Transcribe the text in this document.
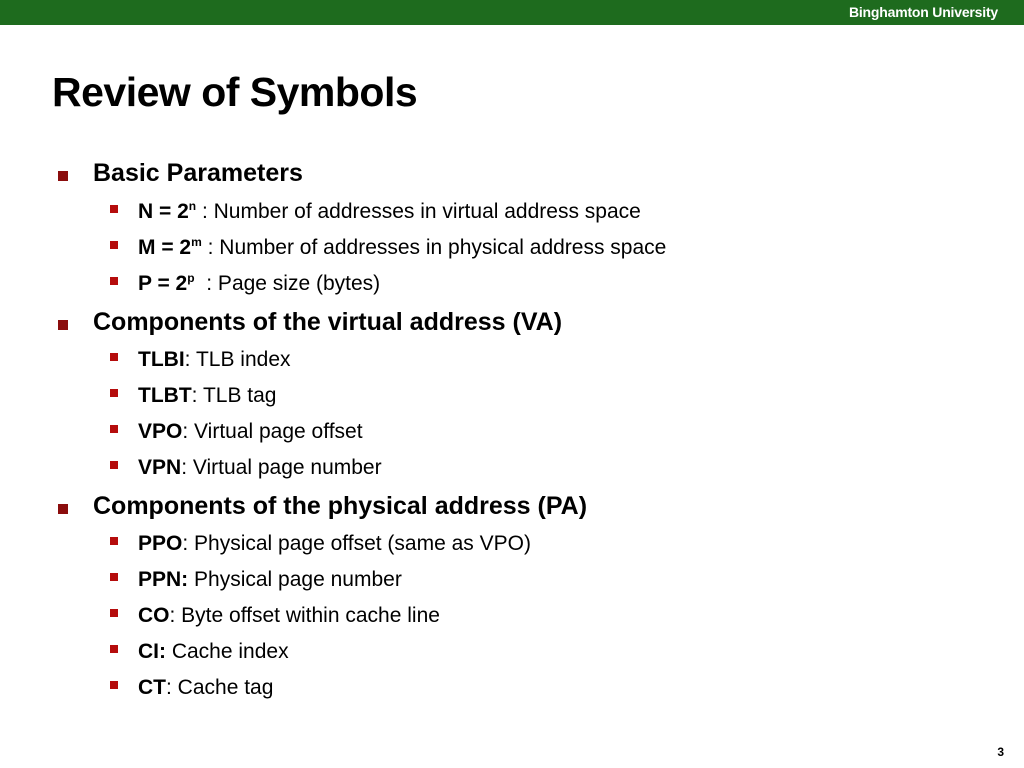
Binghamton University
Review of Symbols
Basic Parameters
$N = 2^n$ : Number of addresses in virtual address space
$M = 2^m$ : Number of addresses in physical address space
$P = 2^p$  : Page size (bytes)
Components of the virtual address (VA)
TLBI: TLB index
TLBT: TLB tag
VPO: Virtual page offset
VPN: Virtual page number
Components of the physical address (PA)
PPO: Physical page offset (same as VPO)
PPN: Physical page number
CO: Byte offset within cache line
CI: Cache index
CT: Cache tag
3
